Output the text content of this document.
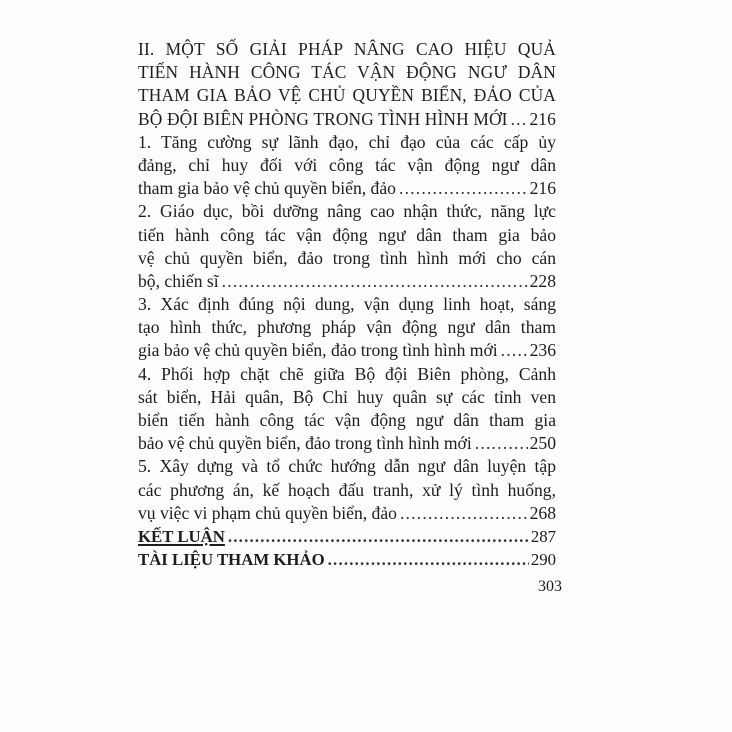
II. MỘT SỐ GIẢI PHÁP NÂNG CAO HIỆU QUẢ
TIẾN HÀNH CÔNG TÁC VẬN ĐỘNG NGƯ DÂN
THAM GIA BẢO VỆ CHỦ QUYỀN BIỂN, ĐẢO CỦA
BỘ ĐỘI BIÊN PHÒNG TRONG TÌNH HÌNH MỚI ..... 216
1. Tăng cường sự lãnh đạo, chỉ đạo của các cấp ủy
đảng, chỉ huy đối với công tác vận động ngư dân
tham gia bảo vệ chủ quyền biển, đảo .....	216
2. Giáo dục, bồi dưỡng nâng cao nhận thức, năng lực
tiến hành công tác vận động ngư dân tham gia bảo
vệ chủ quyền biển, đảo trong tình hình mới cho cán
bộ, chiến sĩ .....	228
3. Xác định đúng nội dung, vận dụng linh hoạt, sáng
tạo hình thức, phương pháp vận động ngư dân tham
gia bảo vệ chủ quyền biển, đảo trong tình hình mới ..... 236
4. Phối hợp chặt chẽ giữa Bộ đội Biên phòng, Cảnh
sát biển, Hải quân, Bộ Chỉ huy quân sự các tỉnh ven
biển tiến hành công tác vận động ngư dân tham gia
bảo vệ chủ quyền biển, đảo trong tình hình mới .....	250
5. Xây dựng và tổ chức hướng dẫn ngư dân luyện tập
các phương án, kế hoạch đấu tranh, xử lý tình huống,
vụ việc vi phạm chủ quyền biển, đảo .....	268
KẾT LUẬN .....	287
TÀI LIỆU THAM KHẢO .....	290
303
